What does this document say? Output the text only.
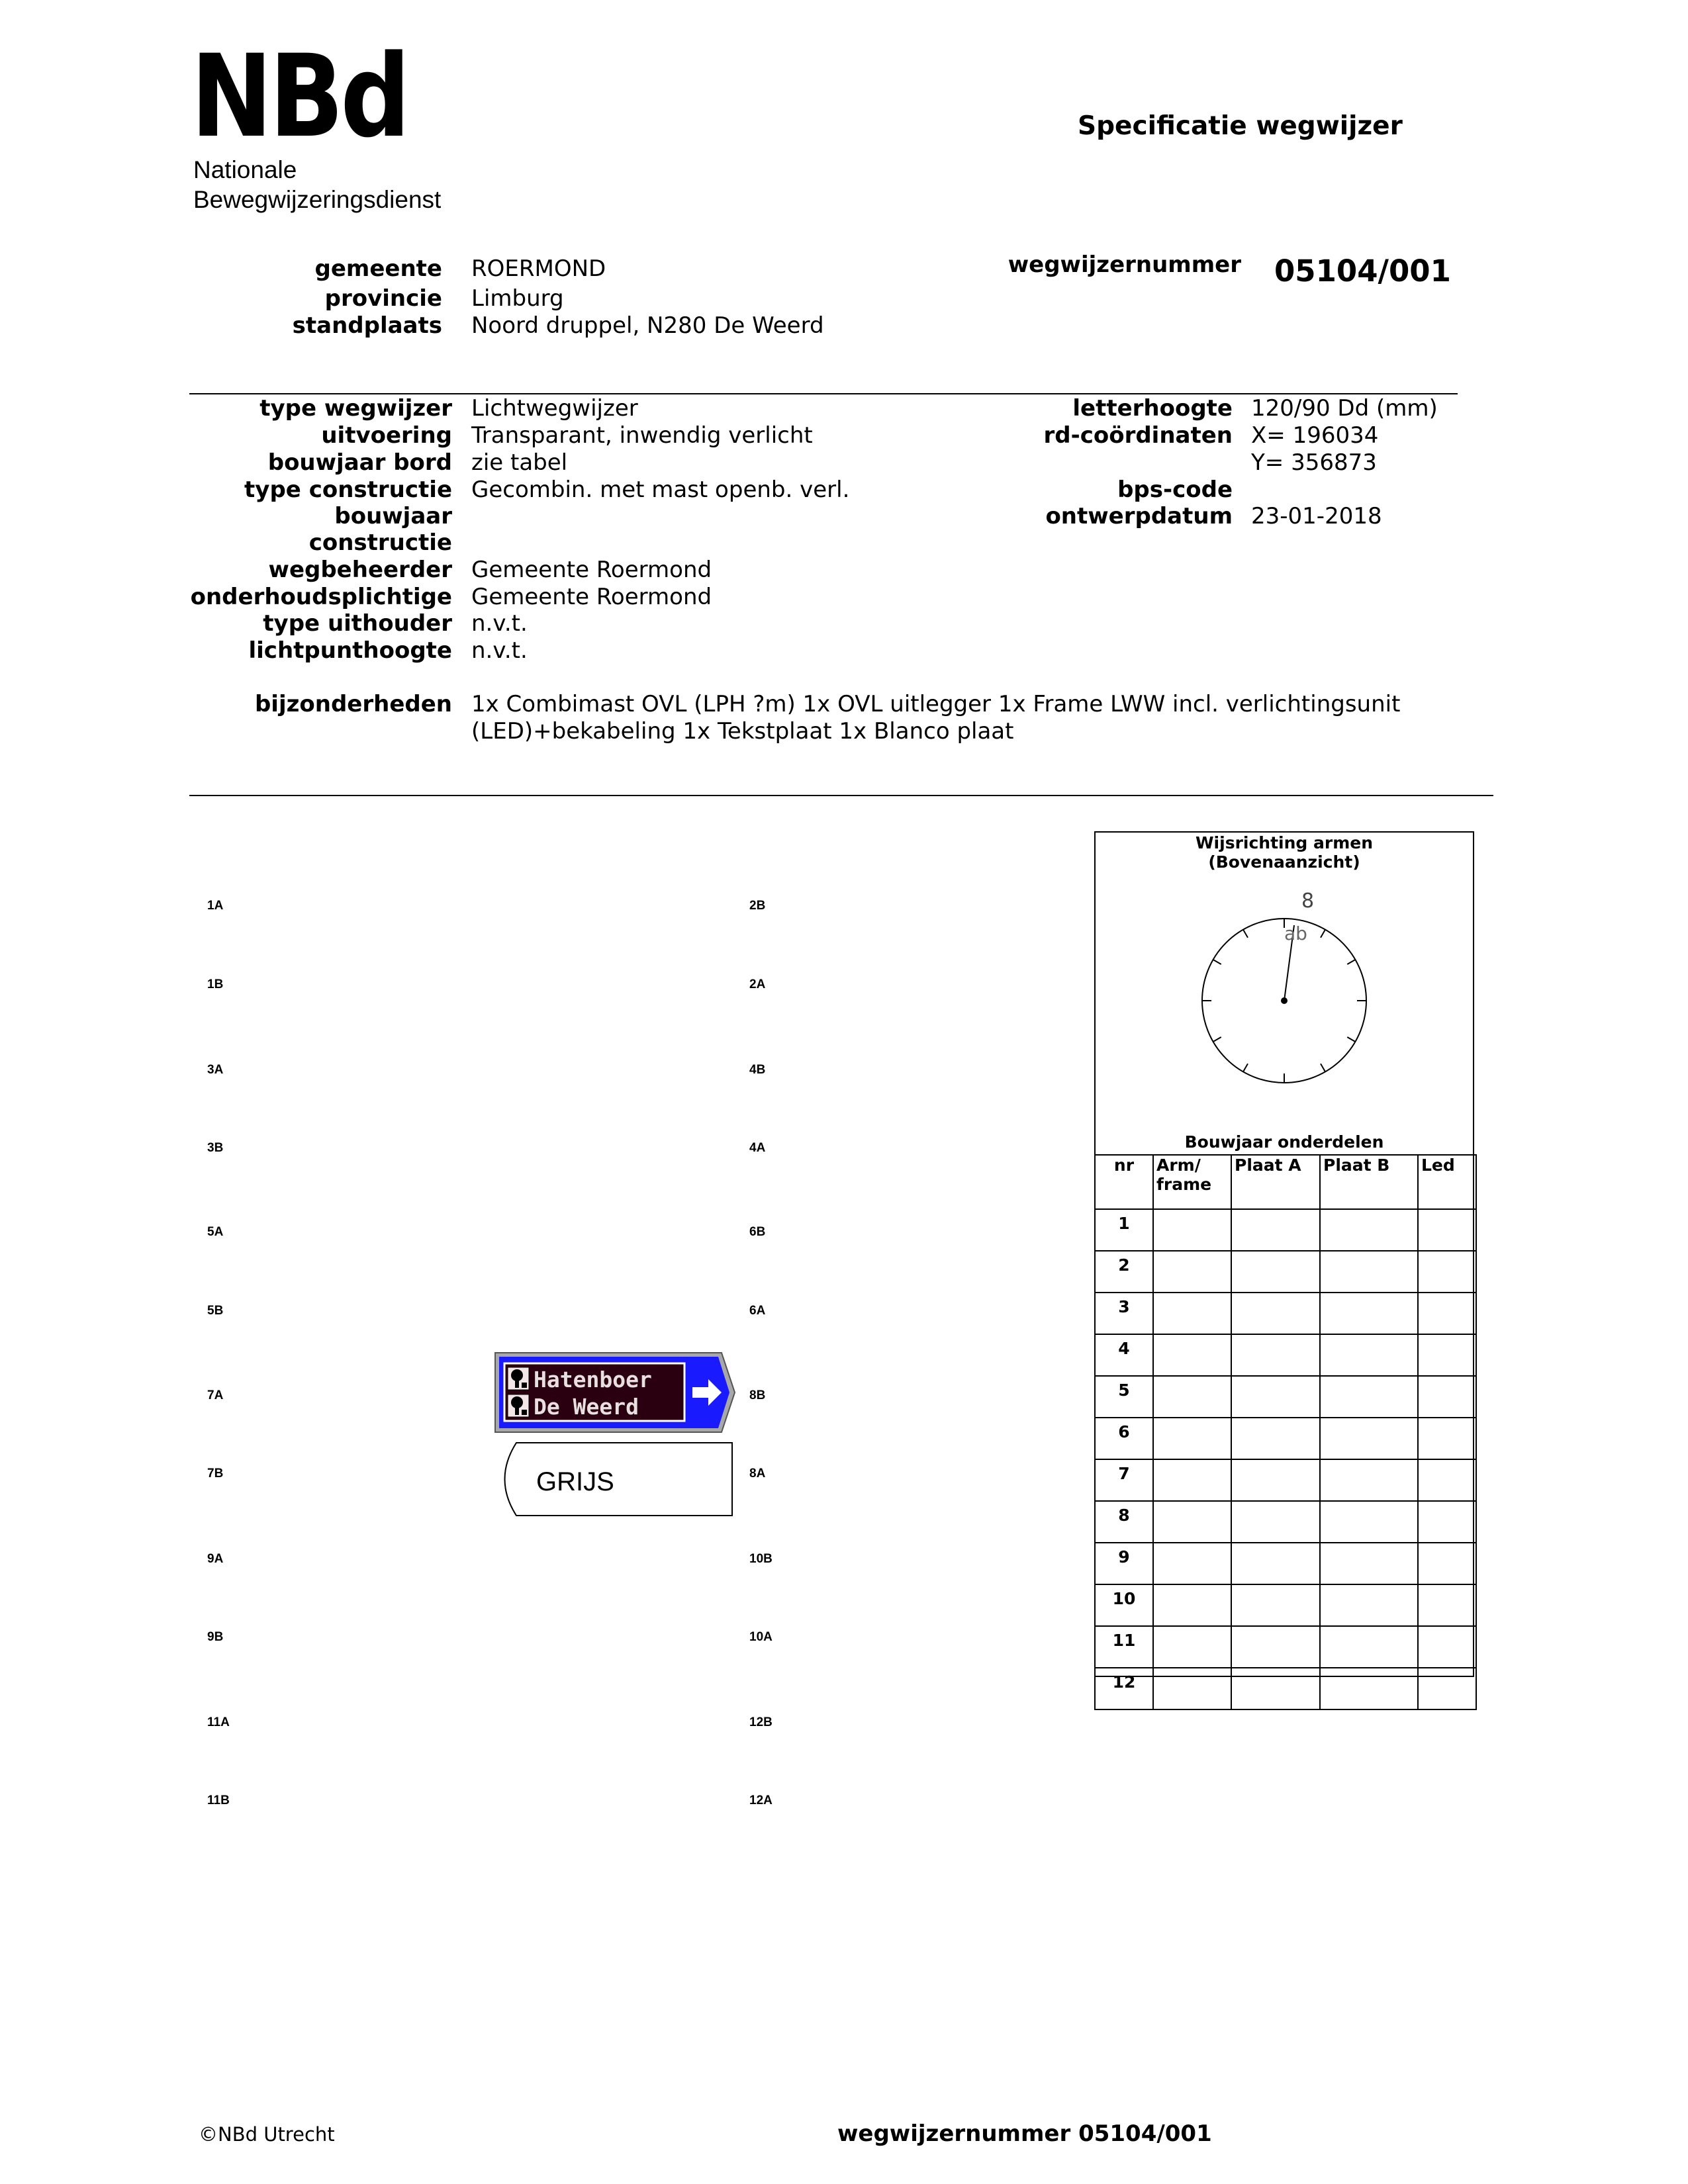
NBd
Nationale
Bewegwijzeringsdienst
Specificatie wegwijzer
gemeente ROERMOND
provincie Limburg
standplaats Noord druppel, N280 De Weerd
wegwijzernummer 05104/001
type wegwijzer Lichtwegwijzer
uitvoering Transparant, inwendig verlicht
bouwjaar bord zie tabel
type constructie Gecombin. met mast openb. verl.
bouwjaar
constructie
wegbeheerder Gemeente Roermond
onderhoudsplichtige Gemeente Roermond
type uithouder n.v.t.
lichtpunthoogte n.v.t.
letterhoogte 120/90 Dd (mm)
rd-coördinaten X= 196034
Y= 356873
bps-code
ontwerpdatum 23-01-2018
bijzonderheden 1x Combimast OVL (LPH ?m) 1x OVL uitlegger 1x Frame LWW incl. verlichtingsunit
(LED)+bekabeling 1x Tekstplaat 1x Blanco plaat
1A
1B
3A
3B
5A
5B
7A
7B
9A
9B
11A
11B
2B
2A
4B
4A
6B
6A
8B
8A
10B
10A
12B
12A
Hatenboer
De Weerd
GRIJS
Wijsrichting armen
(Bovenaanzicht)
8
ab
Bouwjaar onderdelen
nr	Arm/ frame	Plaat A	Plaat B	Led
1				
2				
3				
4				
5				
6				
7				
8				
9				
10				
11				
12				
©NBd Utrecht	wegwijzernummer 05104/001
